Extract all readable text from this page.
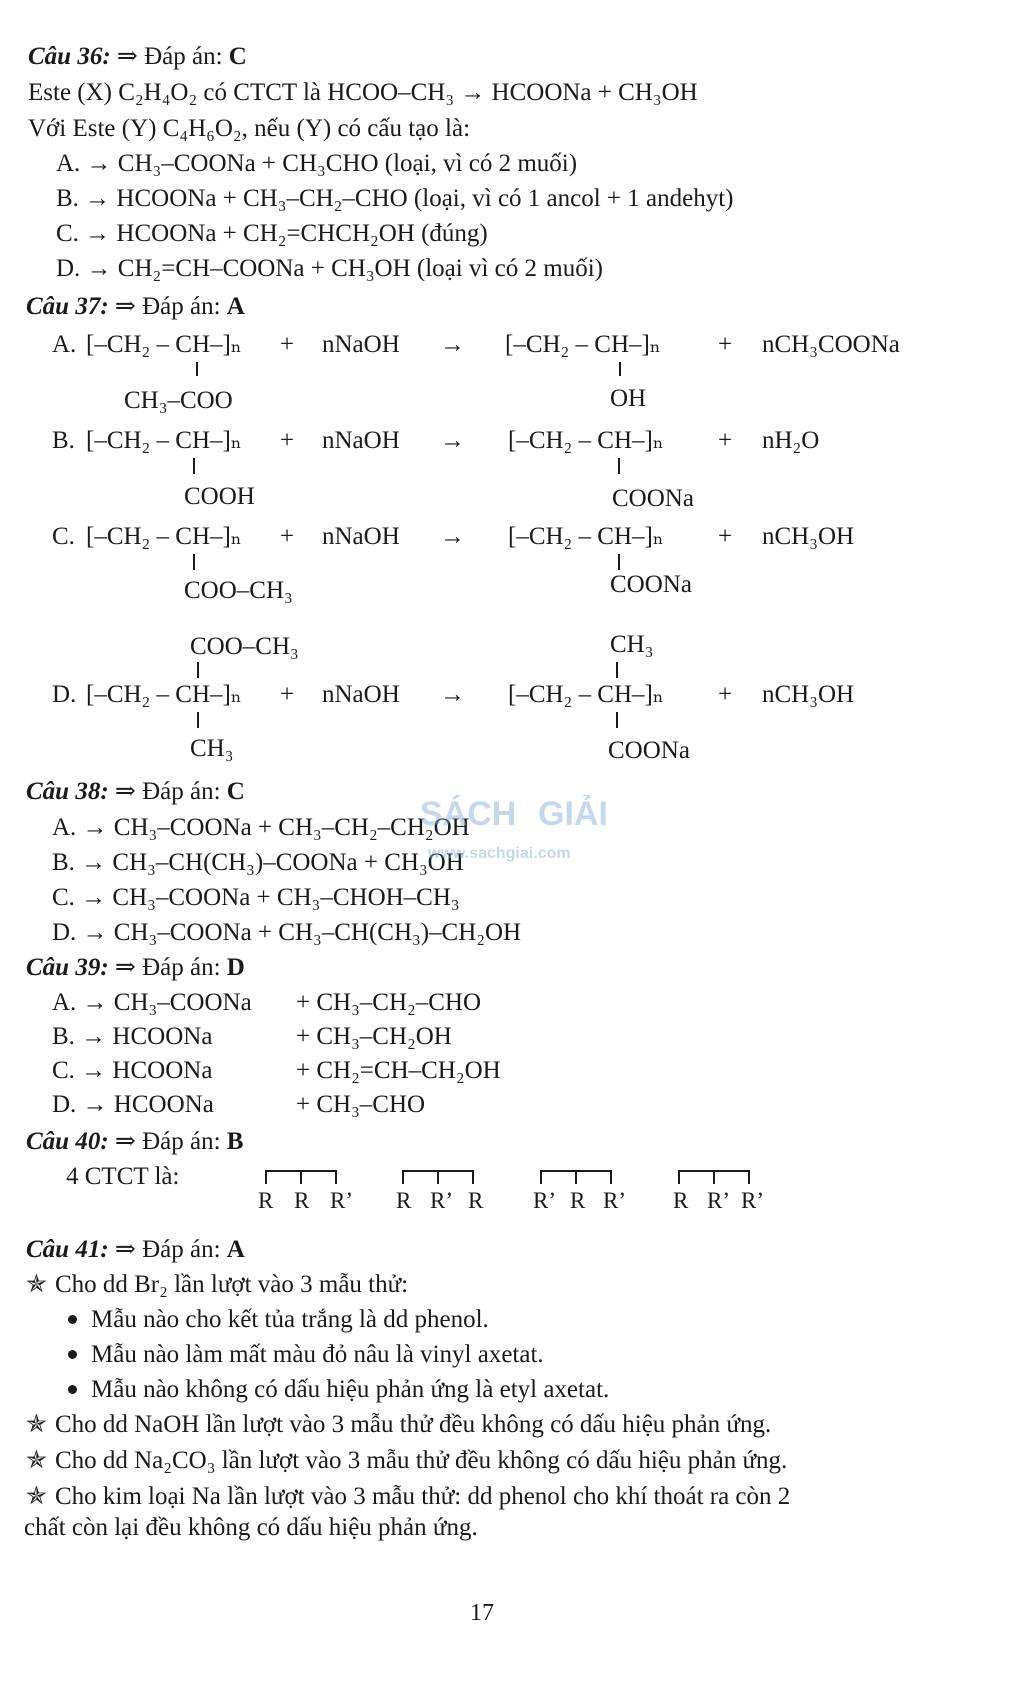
Câu 36: ⇒ Đáp án: C
Este (X) C₂H₄O₂ có CTCT là HCOO–CH₃ → HCOONa + CH₃OH
Với Este (Y) C₄H₆O₂, nếu (Y) có cấu tạo là:
A. → CH₃–COONa + CH₃CHO (loại, vì có 2 muối)
B. → HCOONa + CH₃–CH₂–CHO (loại, vì có 1 ancol + 1 andehyt)
C. → HCOONa + CH₂=CHCH₂OH (đúng)
D. → CH₂=CH–COONa + CH₃OH (loại vì có 2 muối)
Câu 37: ⇒ Đáp án: A
A. [–CH₂ – CH–]ₙ + nNaOH → [–CH₂ – CH–]ₙ + nCH₃COONa
CH₃–COO	OH
B. [–CH₂ – CH–]ₙ + nNaOH → [–CH₂ – CH–]ₙ + nH₂O
COOH	COONa
C. [–CH₂ – CH–]ₙ + nNaOH → [–CH₂ – CH–]ₙ + nCH₃OH
COO–CH₃	COONa
COO–CH₃	CH₃
D. [–CH₂ – CH–]ₙ + nNaOH → [–CH₂ – CH–]ₙ + nCH₃OH
CH₃	COONa
Câu 38: ⇒ Đáp án: C
A. → CH₃–COONa + CH₃–CH₂–CH₂OH
B. → CH₃–CH(CH₃)–COONa + CH₃OH
C. → CH₃–COONa + CH₃–CHOH–CH₃
D. → CH₃–COONa + CH₃–CH(CH₃)–CH₂OH
SÁCH GIẢI
www.sachgiai.com
Câu 39: ⇒ Đáp án: D
A. → CH₃–COONa + CH₃–CH₂–CHO
B. → HCOONa	+ CH₃–CH₂OH
C. → HCOONa	+ CH₂=CH–CH₂OH
D. → HCOONa	+ CH₃–CHO
Câu 40: ⇒ Đáp án: B
4 CTCT là:
R R R’ R R’ R R’ R R’ R R’ R’
Câu 41: ⇒ Đáp án: A
✯ Cho dd Br₂ lần lượt vào 3 mẫu thử:
Mẫu nào cho kết tủa trắng là dd phenol.
Mẫu nào làm mất màu đỏ nâu là vinyl axetat.
Mẫu nào không có dấu hiệu phản ứng là etyl axetat.
✯ Cho dd NaOH lần lượt vào 3 mẫu thử đều không có dấu hiệu phản ứng.
✯ Cho dd Na₂CO₃ lần lượt vào 3 mẫu thử đều không có dấu hiệu phản ứng.
✯ Cho kim loại Na lần lượt vào 3 mẫu thử: dd phenol cho khí thoát ra còn 2
chất còn lại đều không có dấu hiệu phản ứng.
17
